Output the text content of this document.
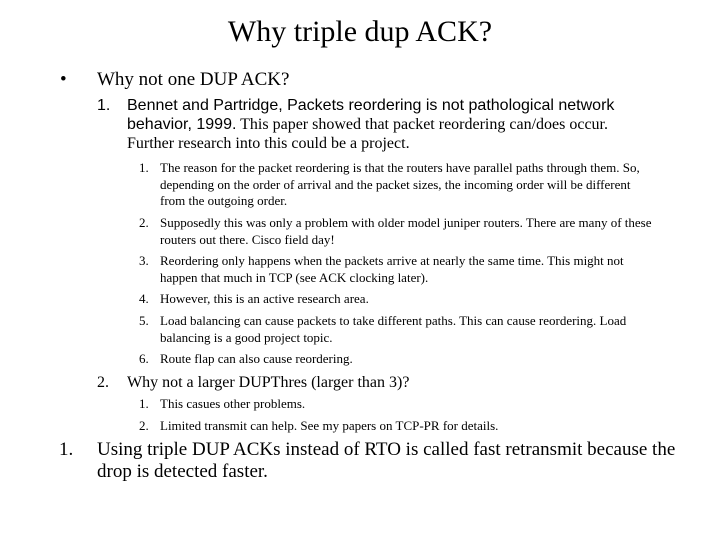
Why triple dup ACK?
• Why not one DUP ACK?
1. Bennet and Partridge, Packets reordering is not pathological network behavior, 1999. This paper showed that packet reordering can/does occur. Further research into this could be a project.
1. The reason for the packet reordering is that the routers have parallel paths through them. So, depending on the order of arrival and the packet sizes, the incoming order will be different from the outgoing order.
2. Supposedly this was only a problem with older model juniper routers. There are many of these routers out there. Cisco field day!
3. Reordering only happens when the packets arrive at nearly the same time. This might not happen that much in TCP (see ACK clocking later).
4. However, this is an active research area.
5. Load balancing can cause packets to take different paths. This can cause reordering. Load balancing is a good project topic.
6. Route flap can also cause reordering.
2. Why not a larger DUPThres (larger than 3)?
1. This casues other problems.
2. Limited transmit can help. See my papers on TCP-PR for details.
1. Using triple DUP ACKs instead of RTO is called fast retransmit because the drop is detected faster.
